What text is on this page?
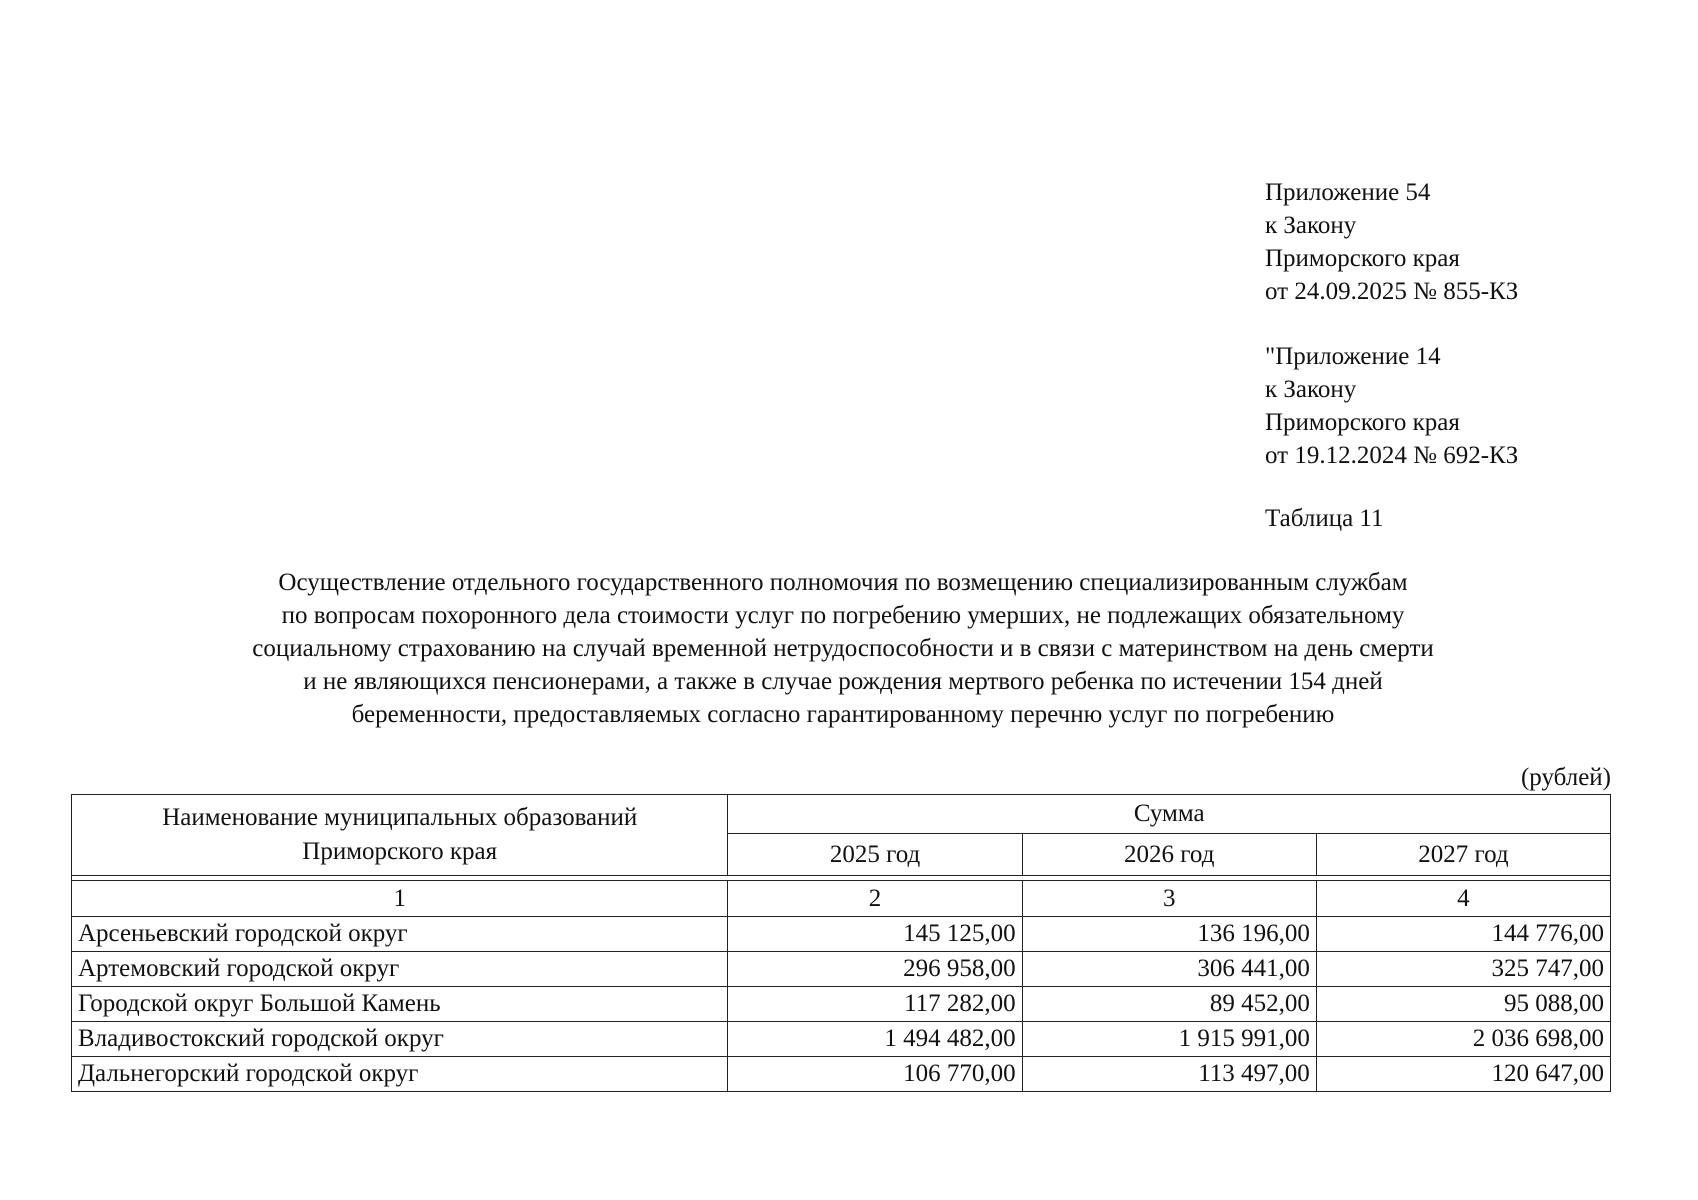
Приложение 54
к Закону
Приморского края
от 24.09.2025 № 855-КЗ
"Приложение 14
к Закону
Приморского края
от 19.12.2024 № 692-КЗ
Таблица 11
Осуществление отдельного государственного полномочия по возмещению специализированным службам
по вопросам похоронного дела стоимости услуг по погребению умерших, не подлежащих обязательному
социальному страхованию на случай временной нетрудоспособности и в связи с материнством на день смерти
и не являющихся пенсионерами, а также в случае рождения мертвого ребенка по истечении 154 дней
беременности, предоставляемых согласно гарантированному перечню услуг по погребению
(рублей)
Наименование муниципальных образований
Приморского края	Сумма		
	2025 год	2026 год	2027 год

1	2	3	4
Арсеньевский городской округ	145 125,00	136 196,00	144 776,00
Артемовский городской округ	296 958,00	306 441,00	325 747,00
Городской округ Большой Камень	117 282,00	89 452,00	95 088,00
Владивостокский городской округ	1 494 482,00	1 915 991,00	2 036 698,00
Дальнегорский городской округ	106 770,00	113 497,00	120 647,00
